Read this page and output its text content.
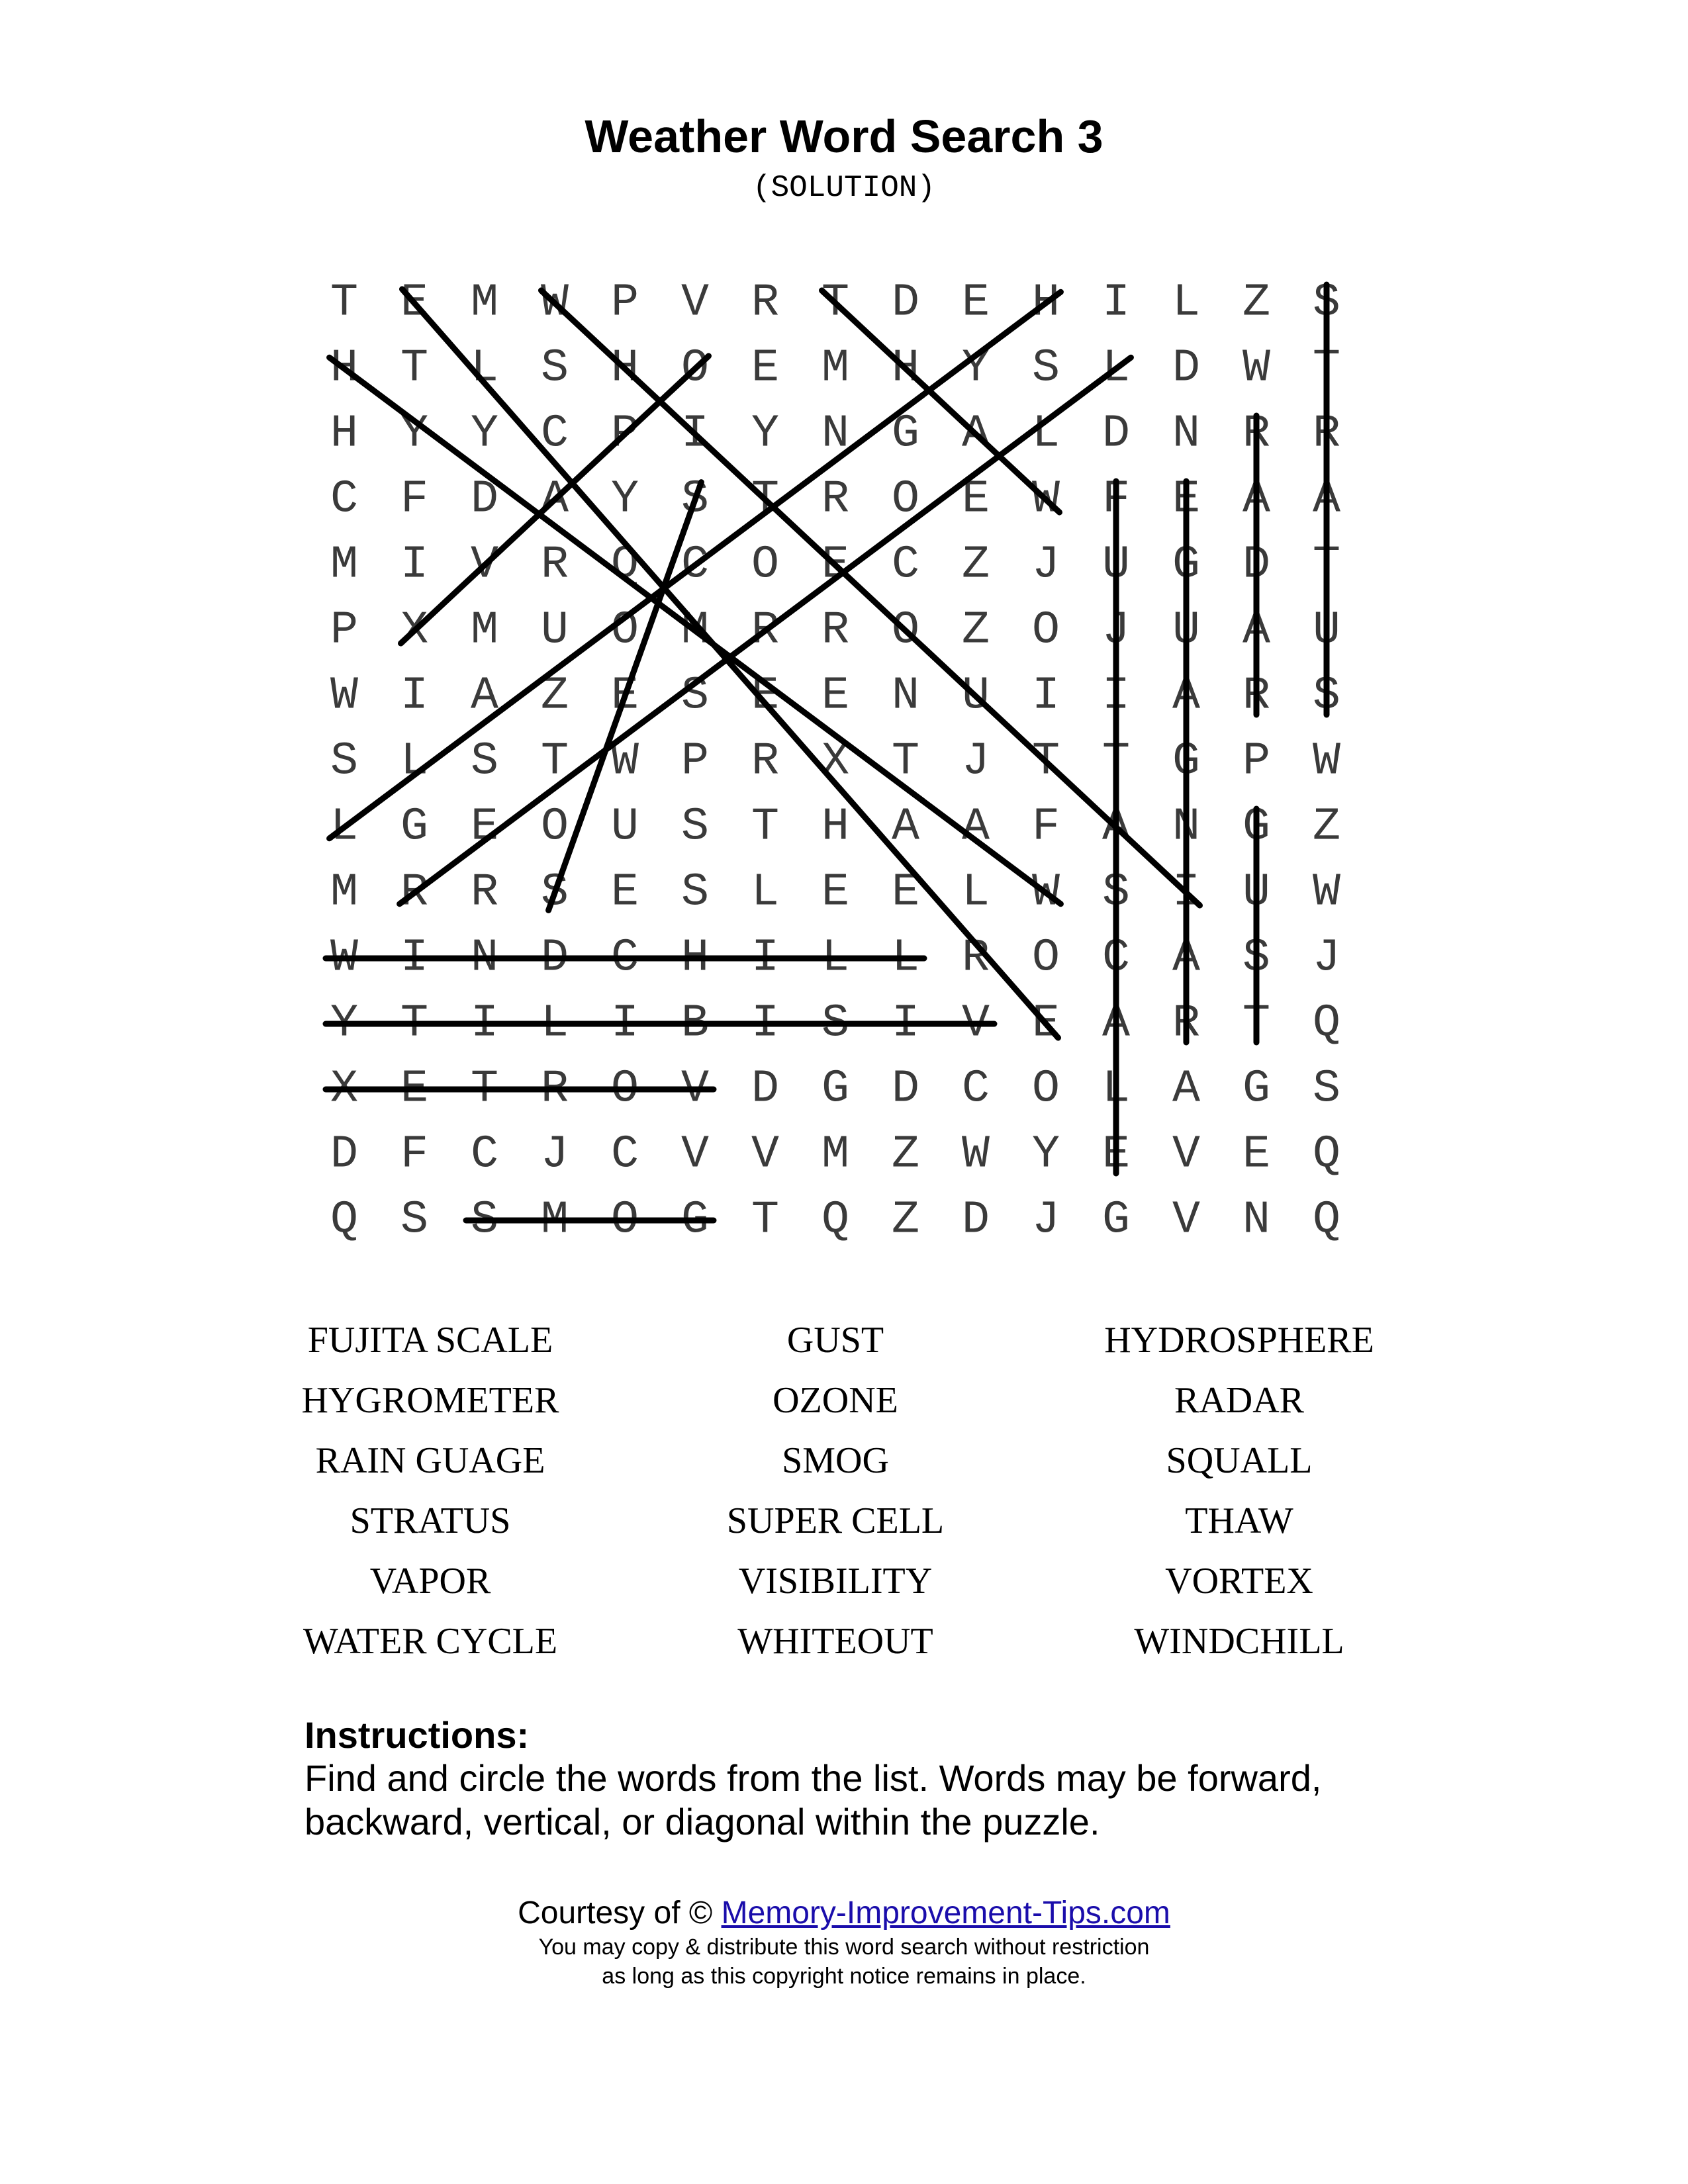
Weather Word Search 3
(SOLUTION)
T E M W P V R T D E H I L Z S
H T L S H O E M H Y S L D W T
H Y Y C P I Y N G A L D N R R
C F D A Y S T R O E W F E A A
M I V R Q C O E C Z J U G D T
P X M U O M R R O Z O J U A U
W I A Z E S E E N U I I A R S
S L S T W P R X T J T T G P W
L G E O U S T H A A F A N G Z
M R R S E S L E E L W S I U W
W I N D C H I L L R O C A S J
Y T I L I B I S I V E A R T Q
X E T R O V D G D C O L A G S
D F C J C V V M Z W Y E V E Q
Q S S M O G T Q Z D J G V N Q
FUJITA SCALE
HYGROMETER
RAIN GUAGE
STRATUS
VAPOR
WATER CYCLE
GUST
OZONE
SMOG
SUPER CELL
VISIBILITY
WHITEOUT
HYDROSPHERE
RADAR
SQUALL
THAW
VORTEX
WINDCHILL
Instructions:
Find and circle the words from the list. Words may be forward,
backward, vertical, or diagonal within the puzzle.
Courtesy of © Memory-Improvement-Tips.com
You may copy & distribute this word search without restriction
as long as this copyright notice remains in place.
